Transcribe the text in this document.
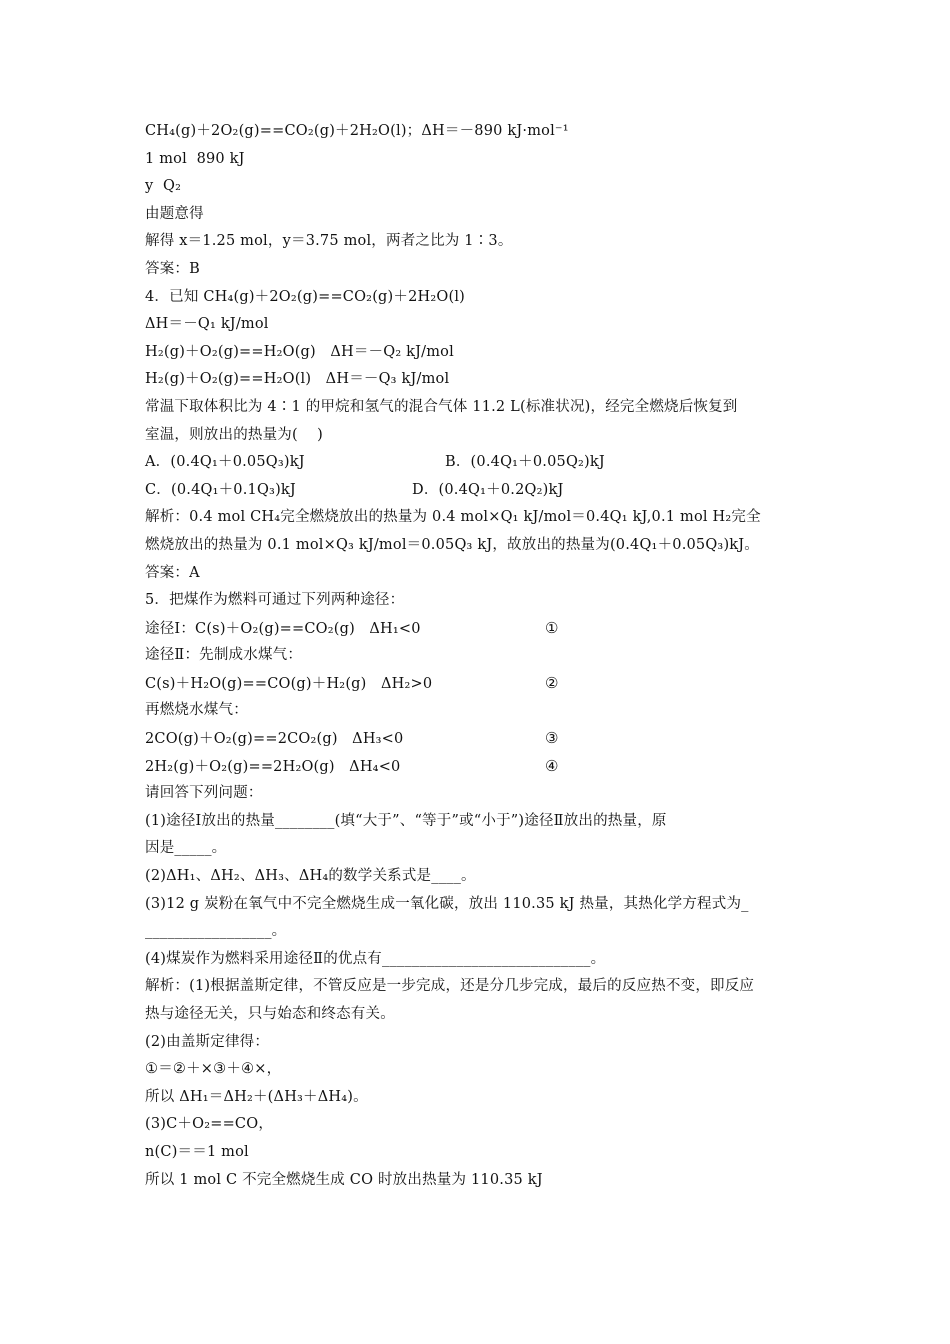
CH₄(g)＋2O₂(g)==CO₂(g)＋2H₂O(l)；ΔH＝－890 kJ·mol⁻¹
1 mol  890 kJ
y  Q₂
由题意得
解得 x＝1.25 mol，y＝3.75 mol，两者之比为 1∶3。
答案：B
4．已知 CH₄(g)＋2O₂(g)==CO₂(g)＋2H₂O(l)
ΔH＝－Q₁ kJ/mol
H₂(g)＋O₂(g)==H₂O(g)   ΔH＝－Q₂ kJ/mol
H₂(g)＋O₂(g)==H₂O(l)   ΔH＝－Q₃ kJ/mol
常温下取体积比为 4∶1 的甲烷和氢气的混合气体 11.2 L(标准状况)，经完全燃烧后恢复到
室温，则放出的热量为(    )
A．(0.4Q₁＋0.05Q₃)kJ	B．(0.4Q₁＋0.05Q₂)kJ
C．(0.4Q₁＋0.1Q₃)kJ	D．(0.4Q₁＋0.2Q₂)kJ
解析：0.4 mol CH₄完全燃烧放出的热量为 0.4 mol×Q₁ kJ/mol＝0.4Q₁ kJ,0.1 mol H₂完全
燃烧放出的热量为 0.1 mol×Q₃ kJ/mol＝0.05Q₃ kJ，故放出的热量为(0.4Q₁＋0.05Q₃)kJ。
答案：A
5．把煤作为燃料可通过下列两种途径：
途径Ⅰ：C(s)＋O₂(g)==CO₂(g)   ΔH₁<0	①
途径Ⅱ：先制成水煤气：
C(s)＋H₂O(g)==CO(g)＋H₂(g)   ΔH₂>0	②
再燃烧水煤气：
2CO(g)＋O₂(g)==2CO₂(g)   ΔH₃<0	③
2H₂(g)＋O₂(g)==2H₂O(g)   ΔH₄<0	④
请回答下列问题：
(1)途径Ⅰ放出的热量________(填“大于”、“等于”或“小于”)途径Ⅱ放出的热量，原
因是_____。
(2)ΔH₁、ΔH₂、ΔH₃、ΔH₄的数学关系式是____。
(3)12 g 炭粉在氧气中不完全燃烧生成一氧化碳，放出 110.35 kJ 热量，其热化学方程式为_
_________________。
(4)煤炭作为燃料采用途径Ⅱ的优点有____________________________。
解析：(1)根据盖斯定律，不管反应是一步完成，还是分几步完成，最后的反应热不变，即反应
热与途径无关，只与始态和终态有关。
(2)由盖斯定律得：
①＝②＋×③＋④×，
所以 ΔH₁＝ΔH₂＋(ΔH₃＋ΔH₄)。
(3)C＋O₂==CO，
n(C)＝＝1 mol
所以 1 mol C 不完全燃烧生成 CO 时放出热量为 110.35 kJ
